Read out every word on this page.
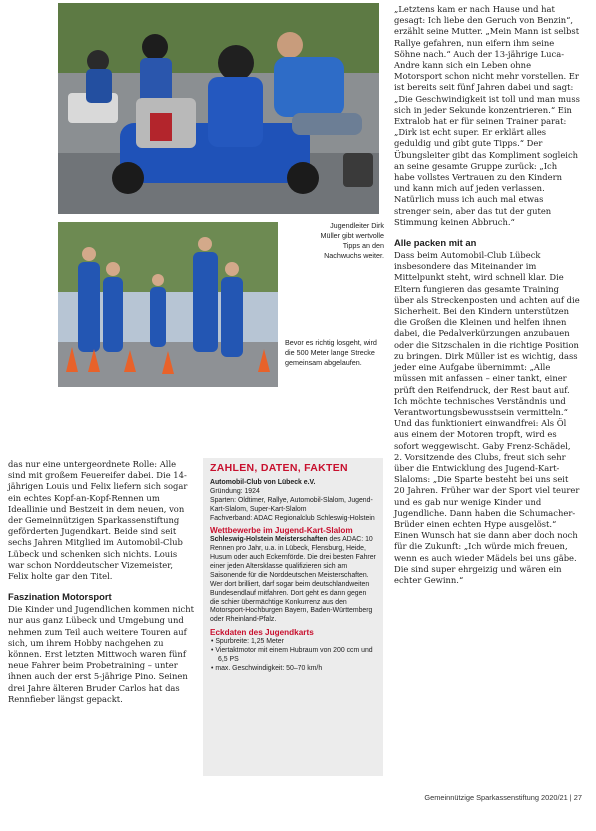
Jugendleiter Dirk Müller gibt wertvolle Tipps an den Nachwuchs weiter.
Bevor es richtig losgeht, wird die 500 Meter lange Strecke gemeinsam abgelaufen.

das nur eine untergeordnete Rolle: Alle sind mit großem Feuereifer dabei. Die 14-jährigen Louis und Felix liefern sich sogar ein echtes Kopf-an-Kopf-Rennen um Ideallinie und Bestzeit in dem neuen, von der Gemeinnützigen Sparkassenstiftung geförderten Jugendkart. Beide sind seit sechs Jahren Mitglied im Automobil-Club Lübeck und schenken sich nichts. Louis war schon Norddeutscher Vizemeister, Felix holte gar den Titel.

Faszination Motorsport

Die Kinder und Jugendlichen kommen nicht nur aus ganz Lübeck und Umgebung und nehmen zum Teil auch weitere Touren auf sich, um ihrem Hobby nachgehen zu können. Erst letzten Mittwoch waren fünf neue Fahrer beim Probetraining – unter ihnen auch der erst 5-jährige Pino. Seinen drei Jahre älteren Bruder Carlos hat das Rennfieber längst gepackt.

ZAHLEN, DATEN, FAKTEN
Automobil-Club von Lübeck e.V.
Gründung: 1924
Sparten: Oldtimer, Rallye, Automobil-Slalom, Jugend-Kart-Slalom, Super-Kart-Slalom
Fachverband: ADAC Regionalclub Schleswig-Holstein
Wettbewerbe im Jugend-Kart-Slalom
Schleswig-Holstein Meisterschaften des ADAC: 10 Rennen pro Jahr, u.a. in Lübeck, Flensburg, Heide, Husum oder auch Eckernförde. Die drei besten Fahrer einer jeden Altersklasse qualifizieren sich am Saisonende für die Norddeutschen Meisterschaften. Wer dort brilliert, darf sogar beim deutschlandweiten Bundesendlauf mitfahren. Dort geht es dann gegen die schier übermächtige Konkurrenz aus den Motorsport-Hochburgen Bayern, Baden-Württemberg oder Rheinland-Pfalz.
Eckdaten des Jugendkarts
• Spurbreite: 1,25 Meter
• Viertaktmotor mit einem Hubraum von 200 ccm und 6,5 PS
• max. Geschwindigkeit: 50–70 km/h

„Letztens kam er nach Hause und hat gesagt: Ich liebe den Geruch von Benzin“, erzählt seine Mutter. „Mein Mann ist selbst Rallye gefahren, nun eifern ihm seine Söhne nach.“ Auch der 13-jährige Luca-Andre kann sich ein Leben ohne Motorsport schon nicht mehr vorstellen. Er ist bereits seit fünf Jahren dabei und sagt: „Die Geschwindigkeit ist toll und man muss sich in jeder Sekunde konzentrieren.“ Ein Extralob hat er für seinen Trainer parat: „Dirk ist echt super. Er erklärt alles geduldig und gibt gute Tipps.“ Der Übungsleiter gibt das Kompliment sogleich an seine gesamte Gruppe zurück: „Ich habe vollstes Vertrauen zu den Kindern und kann mich auf jeden verlassen. Natürlich muss ich auch mal etwas strenger sein, aber das tut der guten Stimmung keinen Abbruch.“

Alle packen mit an

Dass beim Automobil-Club Lübeck insbesondere das Miteinander im Mittelpunkt steht, wird schnell klar. Die Eltern fungieren das gesamte Training über als Streckenposten und achten auf die Sicherheit. Bei den Kindern unterstützen die Großen die Kleinen und helfen ihnen dabei, die Pedalverkürzungen anzubauen oder die Sitzschalen in die richtige Position zu bringen. Dirk Müller ist es wichtig, dass jeder eine Aufgabe übernimmt: „Alle müssen mit anfassen – einer tankt, einer prüft den Reifendruck, der Rest baut auf. Ich möchte technisches Verständnis und Verantwortungsbewusstsein vermitteln.“ Und das funktioniert einwandfrei: Als Öl aus einem der Motoren tropft, wird es sofort weggewischt. Gaby Frenz-Schädel, 2. Vorsitzende des Clubs, freut sich sehr über die Entwicklung des Jugend-Kart-Slaloms: „Die Sparte besteht bei uns seit 20 Jahren. Früher war der Sport viel teurer und es gab nur wenige Kinder und Jugendliche. Dann haben die Schumacher-Brüder einen echten Hype ausgelöst.“ Einen Wunsch hat sie dann aber doch noch für die Zukunft: „Ich würde mich freuen, wenn es auch wieder Mädels bei uns gäbe. Die sind super ehrgeizig und wären ein echter Gewinn.“

Gemeinnützige Sparkassenstiftung 2020/21 | 27
